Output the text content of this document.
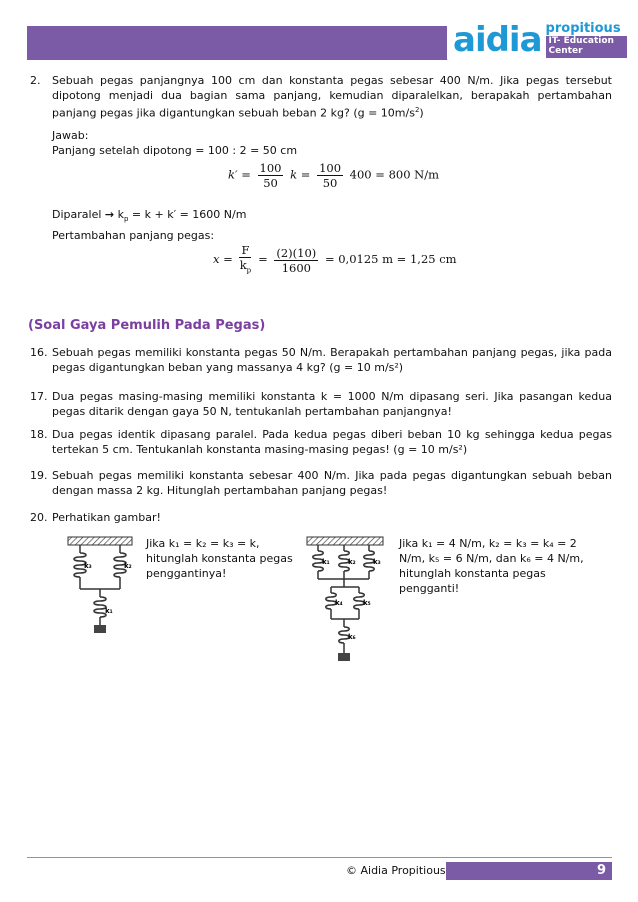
aidia propitious
IT- Education Center
2. Sebuah pegas panjangnya 100 cm dan konstanta pegas sebesar 400 N/m. Jika pegas tersebut dipotong menjadi dua bagian sama panjang, kemudian diparalelkan, berapakah pertambahan panjang pegas jika digantungkan sebuah beban 2 kg? $(g = 10m/s^2)$
Jawab:
Panjang setelah dipotong = 100 : 2 = 50 cm
$k' = \frac{100}{50}$ $k = \frac{100}{50} 400 = 800$ N/m
Diparalel → $k_p = k + k' = 1600$ N/m
Pertambahan panjang pegas:
$x = \frac{F}{k_p} = \frac{(2)(10)}{1600} = 0,0125$ m = 1,25 cm
(Soal Gaya Pemulih Pada Pegas)
16. Sebuah pegas memiliki konstanta pegas 50 N/m. Berapakah pertambahan panjang pegas, jika pada pegas digantungkan beban yang massanya 4 kg? (g = 10 m/s²)
17. Dua pegas masing-masing memiliki konstanta k = 1000 N/m dipasang seri. Jika pasangan kedua pegas ditarik dengan gaya 50 N, tentukanlah pertambahan panjangnya!
18. Dua pegas identik dipasang paralel. Pada kedua pegas diberi beban 10 kg sehingga kedua pegas tertekan 5 cm. Tentukanlah konstanta masing-masing pegas! (g = 10 m/s²)
19. Sebuah pegas memiliki konstanta sebesar 400 N/m. Jika pada pegas digantungkan sebuah beban dengan massa 2 kg. Hitunglah pertambahan panjang pegas!
20. Perhatikan gambar!
k₃	k₂
k₁
Jika k₁ = k₂ = k₃ = k, hitunglah konstanta pegas penggantinya!
k₁	k₂ k₃
k₄	k₅
k₆
Jika k₁ = 4 N/m, k₂ = k₃ = k₄ = 2 N/m, k₅ = 6 N/m, dan k₆ = 4 N/m, hitunglah konstanta pegas pengganti!
© Aidia Propitious	9
